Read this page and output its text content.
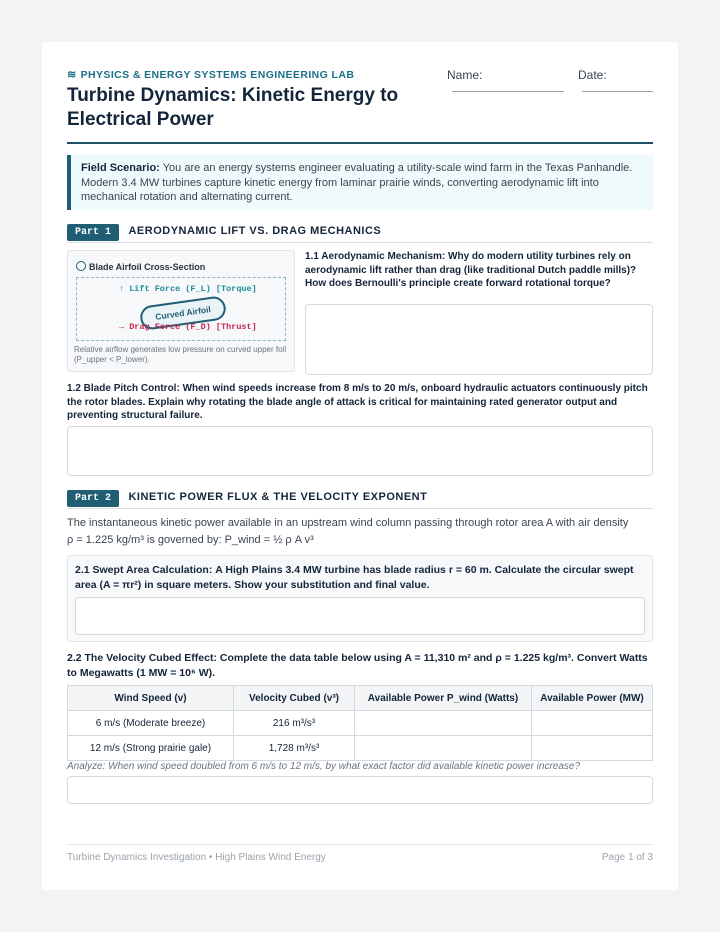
≋ PHYSICS & ENERGY SYSTEMS ENGINEERING LAB
Turbine Dynamics: Kinetic Energy to Electrical Power
Name:	Date:
Field Scenario: You are an energy systems engineer evaluating a utility-scale wind farm in the Texas Panhandle. Modern 3.4 MW turbines capture kinetic energy from laminar prairie winds, converting aerodynamic lift into mechanical rotation and alternating current.
Part 1 AERODYNAMIC LIFT VS. DRAG MECHANICS
Blade Airfoil Cross-Section
↑ Lift Force (F_L) [Torque]
Curved Airfoil
→ Drag Force (F_D) [Thrust]
Relative airflow generates low pressure on curved upper foil (P_upper < P_lower).
1.1 Aerodynamic Mechanism: Why do modern utility turbines rely on aerodynamic lift rather than drag (like traditional Dutch paddle mills)? How does Bernoulli's principle create forward rotational torque?
1.2 Blade Pitch Control: When wind speeds increase from 8 m/s to 20 m/s, onboard hydraulic actuators continuously pitch the rotor blades. Explain why rotating the blade angle of attack is critical for maintaining rated generator output and preventing structural failure.
Part 2 KINETIC POWER FLUX & THE VELOCITY EXPONENT
The instantaneous kinetic power available in an upstream wind column passing through rotor area A with air density
ρ = 1.225 kg/m³ is governed by: P_wind = ½ ρ A v³
2.1 Swept Area Calculation: A High Plains 3.4 MW turbine has blade radius r = 60 m. Calculate the circular swept area (A = πr²) in square meters. Show your substitution and final value.
2.2 The Velocity Cubed Effect: Complete the data table below using A = 11,310 m² and ρ = 1.225 kg/m³. Convert Watts to Megawatts (1 MW = 10⁶ W).
Wind Speed (v)	Velocity Cubed (v³)	Available Power P_wind (Watts)	Available Power (MW)
6 m/s (Moderate breeze)	216 m³/s³		
12 m/s (Strong prairie gale)	1,728 m³/s³		
Analyze: When wind speed doubled from 6 m/s to 12 m/s, by what exact factor did available kinetic power increase?
Turbine Dynamics Investigation • High Plains Wind Energy	Page 1 of 3
